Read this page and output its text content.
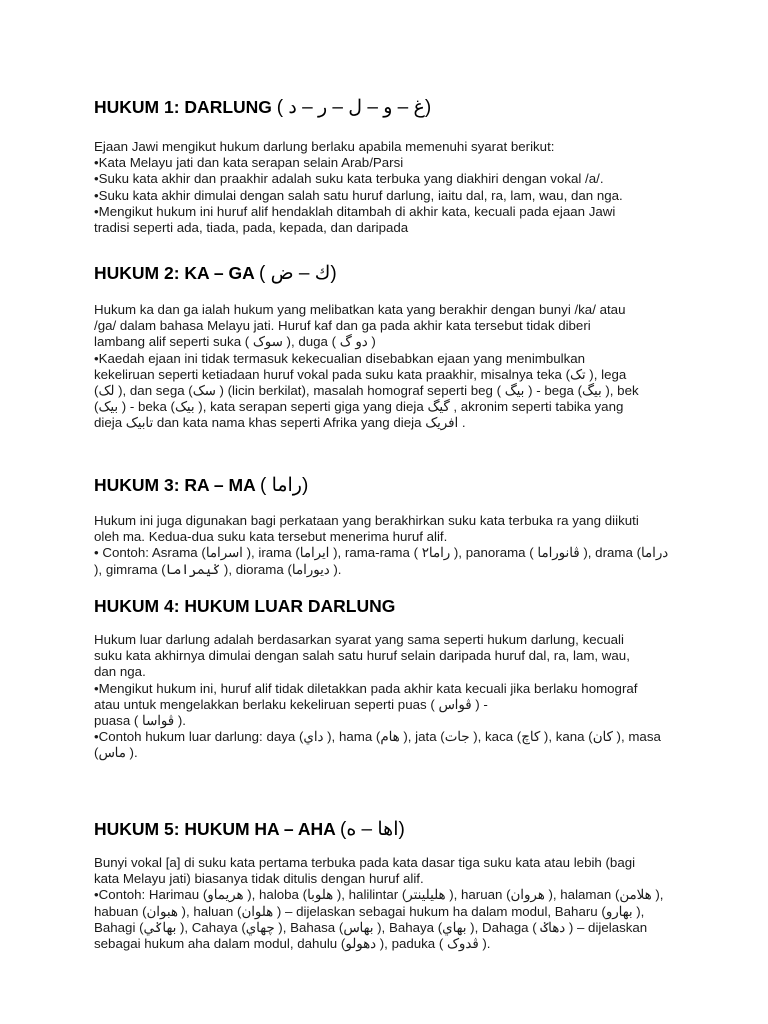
HUKUM 1: DARLUNG ( غ – و – ل – ر – د)

Ejaan Jawi mengikut hukum darlung berlaku apabila memenuhi syarat berikut:

•Kata Melayu jati dan kata serapan selain Arab/Parsi

•Suku kata akhir dan praakhir adalah suku kata terbuka yang diakhiri dengan vokal /a/.

•Suku kata akhir dimulai dengan salah satu huruf darlung, iaitu dal, ra, lam, wau, dan nga.

•Mengikut hukum ini huruf alif hendaklah ditambah di akhir kata, kecuali pada ejaan Jawi

tradisi seperti ada, tiada, pada, kepada, dan daripada

HUKUM 2: KA – GA ( ك – ض)

Hukum ka dan ga ialah hukum yang melibatkan kata yang berakhir dengan bunyi /ka/ atau

/ga/ dalam bahasa Melayu jati. Huruf kaf dan ga pada akhir kata tersebut tidak diberi

lambang alif seperti suka ( سوک ), duga ( دو گ )

•Kaedah ejaan ini tidak termasuk kekecualian disebabkan ejaan yang menimbulkan

kekeliruan seperti ketiadaan huruf vokal pada suku kata praakhir, misalnya teka (تک ), lega

(لک ), dan sega (سک ) (licin berkilat), masalah homograf seperti beg ( بيگ ) - bega (بيگ ), bek

(بيک ) - beka (بيک ), kata serapan seperti giga yang dieja گيگ , akronim seperti tabika yang

dieja تابيک dan kata nama khas seperti Afrika yang dieja افريک .

HUKUM 3: RA – MA ( راما)

Hukum ini juga digunakan bagi perkataan yang berakhirkan suku kata terbuka ra yang diikuti

oleh ma. Kedua-dua suku kata tersebut menerima huruf alif.

• Contoh: Asrama (اسراما ), irama (ايراما ), rama-rama ( راما٢ ), panorama ( ڤانوراما ), drama (دراما

), gimrama (ݢيمراما ), diorama (ديوراما ).

HUKUM 4: HUKUM LUAR DARLUNG

Hukum luar darlung adalah berdasarkan syarat yang sama seperti hukum darlung, kecuali

suku kata akhirnya dimulai dengan salah satu huruf selain daripada huruf dal, ra, lam, wau,

dan nga.

•Mengikut hukum ini, huruf alif tidak diletakkan pada akhir kata kecuali jika berlaku homograf

atau untuk mengelakkan berlaku kekeliruan seperti puas ( ڤواس ) -

puasa ( ڤواسا ).

•Contoh hukum luar darlung: daya (داي ), hama (هام ), jata (جات ), kaca (كاچ ), kana (كان ), masa

(ماس ).

HUKUM 5: HUKUM HA – AHA (اها – ه)

Bunyi vokal [a] di suku kata pertama terbuka pada kata dasar tiga suku kata atau lebih (bagi

kata Melayu jati) biasanya tidak ditulis dengan huruf alif.

•Contoh: Harimau (هريماو ), haloba (هلوبا ), halilintar (هليلينتر ), haruan (هروان ), halaman (هلامن ),

habuan (هبوان ), haluan (هلوان ) – dijelaskan sebagai hukum ha dalam modul, Baharu (بهارو ),

Bahagi (بهاݢي ), Cahaya (چهاي ), Bahasa (بهاس ), Bahaya (بهاي ), Dahaga ( دهاݢ ) – dijelaskan

sebagai hukum aha dalam modul, dahulu (دهولو ), paduka ( ڤدوک ).
